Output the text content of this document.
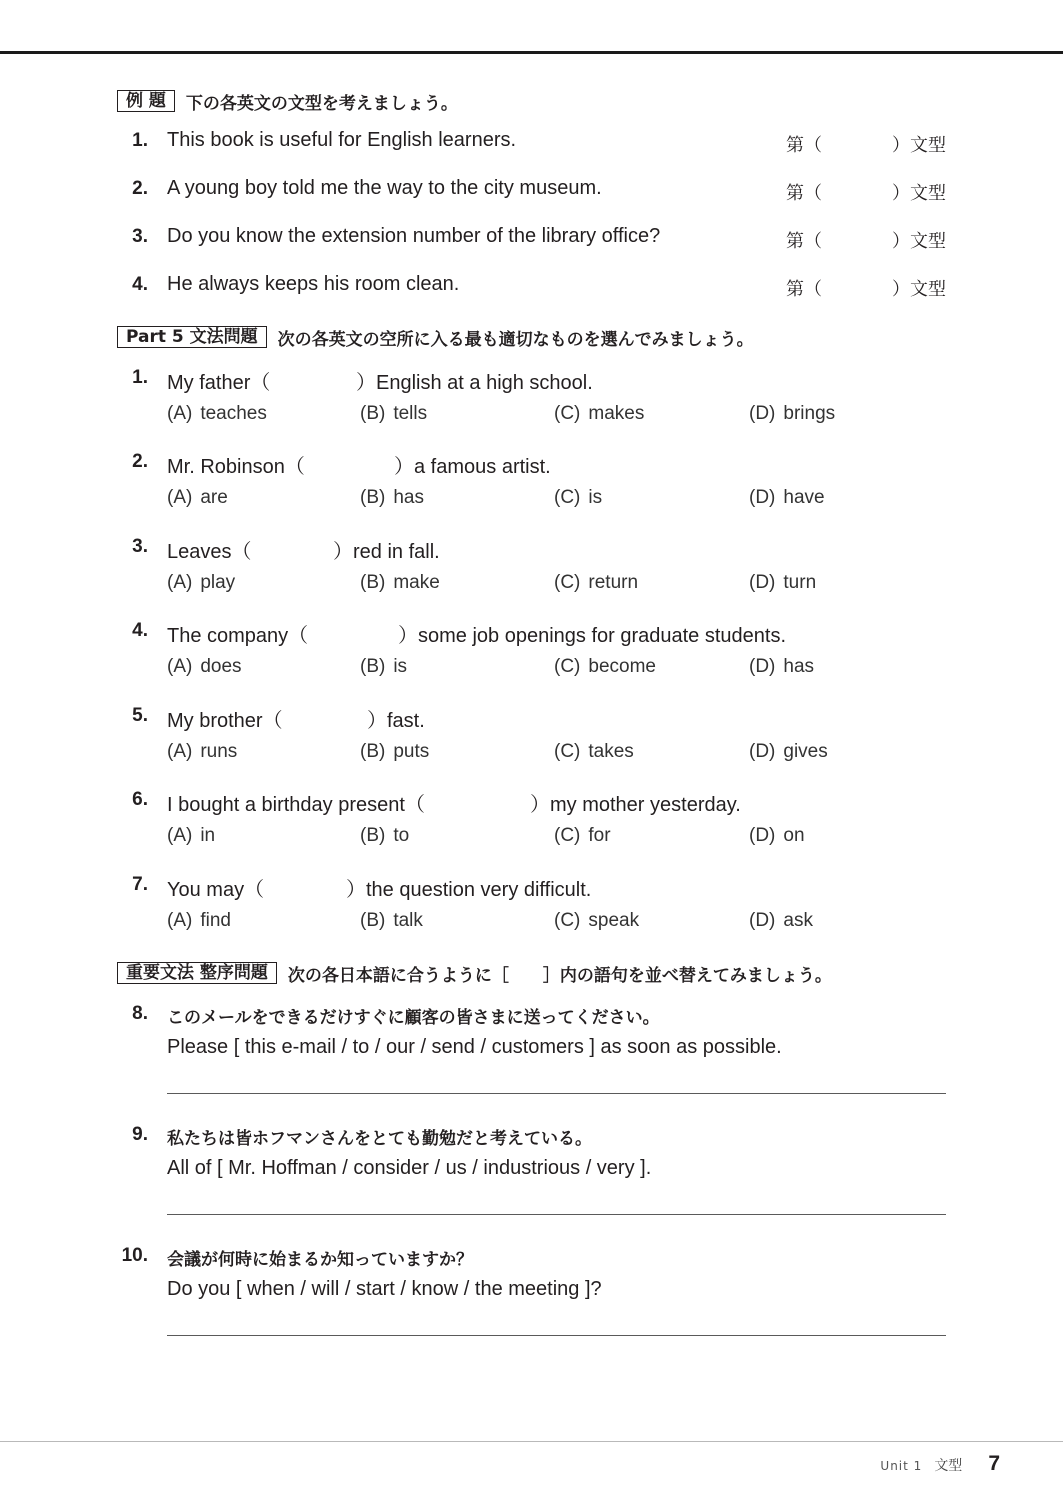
例 題	下の各英文の文型を考えましょう。
1. This book is useful for English learners.	第（	）文型
2. A young boy told me the way to the city museum.	第（	）文型
3. Do you know the extension number of the library office?	第（	）文型
4. He always keeps his room clean.	第（	）文型
Part 5 文法問題	次の各英文の空所に入る最も適切なものを選んでみましょう。
1. My father（	）English at a high school.
(A) teaches	(B) tells	(C) makes	(D) brings
2. Mr. Robinson（	）a famous artist.
(A) are	(B) has	(C) is	(D) have
3. Leaves（	）red in fall.
(A) play	(B) make	(C) return	(D) turn
4. The company（	）some job openings for graduate students.
(A) does	(B) is	(C) become	(D) has
5. My brother（	）fast.
(A) runs	(B) puts	(C) takes	(D) gives
6. I bought a birthday present（	）my mother yesterday.
(A) in	(B) to	(C) for	(D) on
7. You may（	）the question very difficult.
(A) find	(B) talk	(C) speak	(D) ask
重要文法 整序問題	次の各日本語に合うように［　　］内の語句を並べ替えてみましょう。
8. このメールをできるだけすぐに顧客の皆さまに送ってください。
Please [ this e-mail / to / our / send / customers ] as soon as possible.
9. 私たちは皆ホフマンさんをとても勤勉だと考えている。
All of [ Mr. Hoffman / consider / us / industrious / very ].
10. 会議が何時に始まるか知っていますか？
Do you [ when / will / start / know / the meeting ]?
Unit 1 文型 7
